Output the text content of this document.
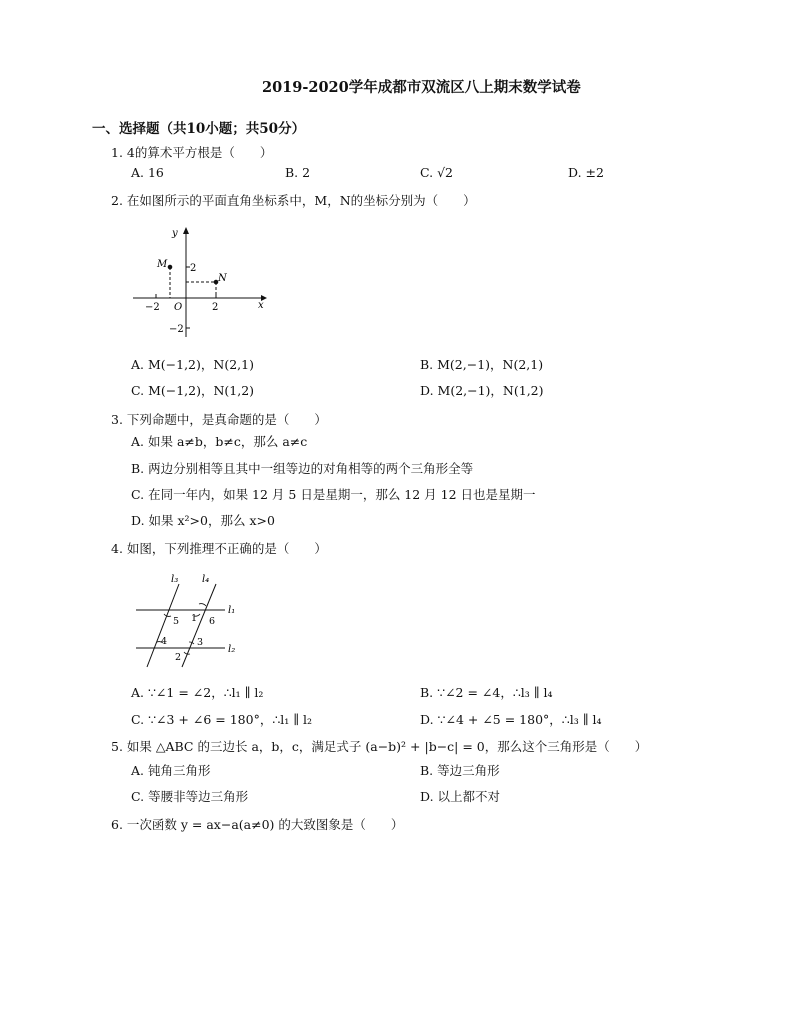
2019-2020学年成都市双流区八上期末数学试卷
一、选择题（共10小题；共50分）
1. 4的算术平方根是（　　）
A. 16	B. 2	C. √2	D. ±2
2. 在如图所示的平面直角坐标系中，M，N的坐标分别为（　　）
y
x
O
M
N
2
2
−2
−2
A. M(−1,2)，N(2,1)	B. M(2,−1)，N(2,1)
C. M(−1,2)，N(1,2)	D. M(2,−1)，N(1,2)
3. 下列命题中，是真命题的是（　　）
A. 如果 a≠b，b≠c，那么 a≠c
B. 两边分别相等且其中一组等边的对角相等的两个三角形全等
C. 在同一年内，如果 12 月 5 日是星期一，那么 12 月 12 日也是星期一
D. 如果 x²>0，那么 x>0
4. 如图，下列推理不正确的是（　　）
l₃ l₄
l₁
l₂
5 1 6
4	3
2
A. ∵∠1 = ∠2，∴l₁ ∥ l₂	B. ∵∠2 = ∠4，∴l₃ ∥ l₄
C. ∵∠3 + ∠6 = 180°，∴l₁ ∥ l₂	D. ∵∠4 + ∠5 = 180°，∴l₃ ∥ l₄
5. 如果 △ABC 的三边长 a，b，c，满足式子 (a−b)² + |b−c| = 0，那么这个三角形是（　　）
A. 钝角三角形	B. 等边三角形
C. 等腰非等边三角形	D. 以上都不对
6. 一次函数 y = ax−a(a≠0) 的大致图象是（　　）
